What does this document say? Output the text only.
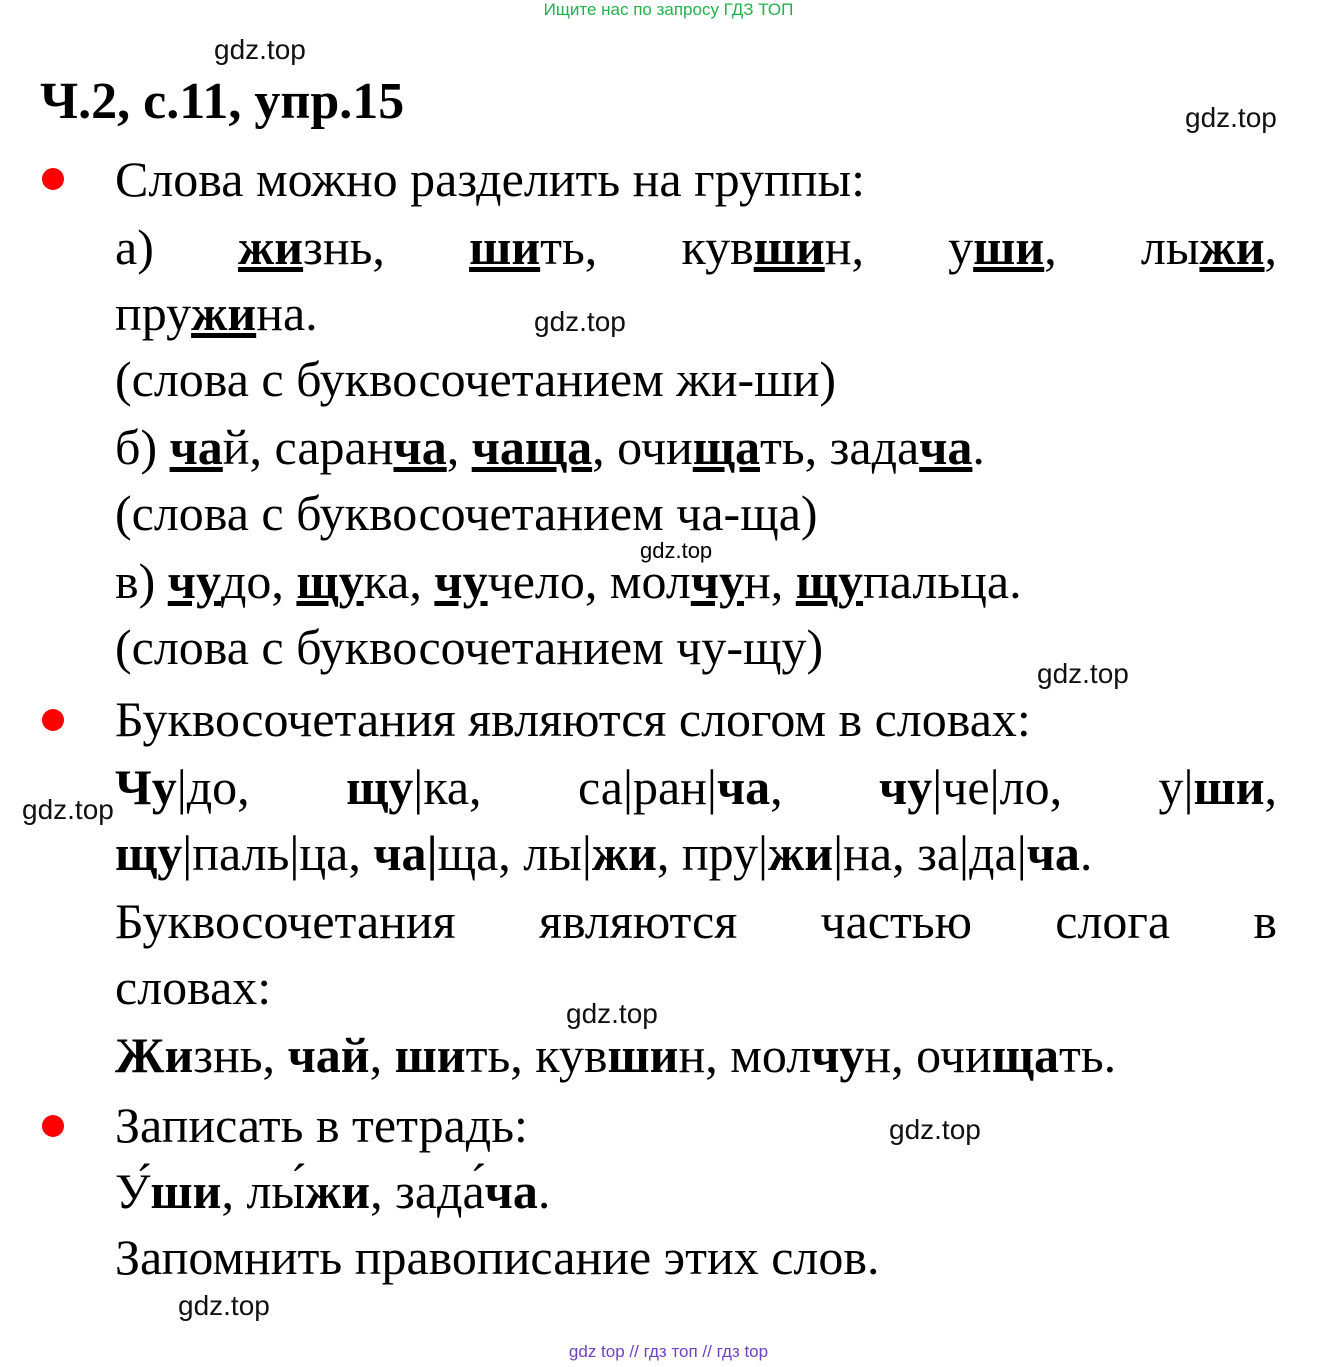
Ищите нас по запросу ГДЗ ТОП
gdz.top
Ч.2, с.11, упр.15	gdz.top
Слова можно разделить на группы:
а) жизнь, шить, кувшин, уши, лыжи,
пружина.	gdz.top
(слова с буквосочетанием жи-ши)
б) чай, саранча, чаща, очищать, задача.
(слова с буквосочетанием ча-ща)
gdz.top
в) чудо, щука, чучело, молчун, щупальца.
(слова с буквосочетанием чу-щу)	gdz.top
Буквосочетания являются слогом в словах:
Чу|до, щу|ка, са|ран|ча, чу|че|ло, у|ши,
gdz.top
щу|паль|ца, ча|ща, лы|жи, пру|жи|на, за|да|ча.
Буквосочетания являются частью слога в
словах:	gdz.top
Жизнь, чай, шить, кувшин, молчун, очищать.
Записать в тетрадь:	gdz.top
У́ши, лы́жи, зада́ча.
Запомнить правописание этих слов.
gdz.top
gdz top // гдз топ // гдз top
